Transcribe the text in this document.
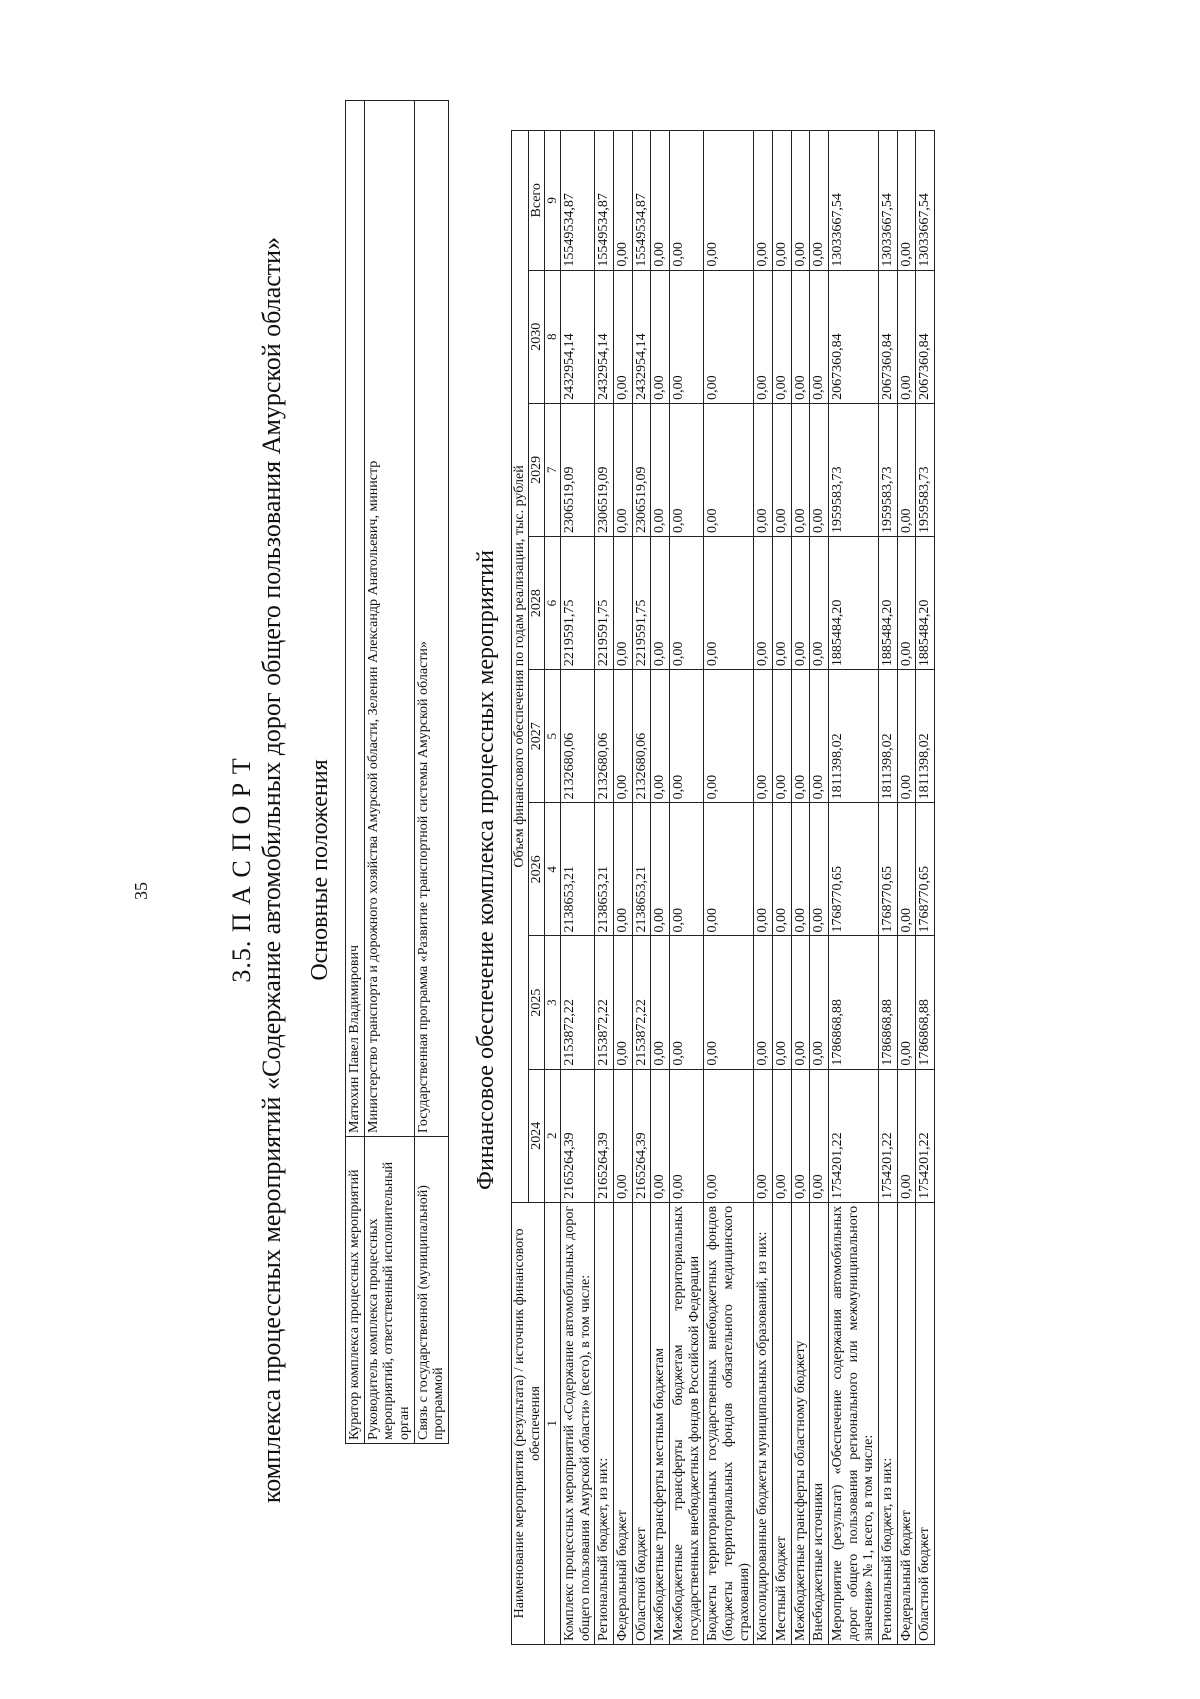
35	3.5. П А С П О Р Т комплекса процессных мероприятий «Содержание автомобильных дорог общего пользования Амурской области» Основные положения
Куратор комплекса процессных мероприятий	Матюхин Павел Владимирович
Руководитель комплекса процессных мероприятий, ответственный исполнительный орган	Министерство транспорта и дорожного хозяйства Амурской области, Зеленин Александр Анатольевич, министр
Связь с государственной (муниципальной) программой	Государственная программа «Развитие транспортной системы Амурской области» Финансовое обеспечение комплекса процессных мероприятий
Наименование мероприятия (результата) / источник финансового обеспечения	Объем финансового обеспечения по годам реализации, тыс. рублей							
	2024	2025	2026	2027	2028	2029	2030	Всего
1	2	3	4	5	6	7	8	9
Комплекс процессных мероприятий «Содержание автомобильных дорог общего пользования Амурской области» (всего), в том числе:	2165264,39	2153872,22	2138653,21	2132680,06	2219591,75	2306519,09	2432954,14	15549534,87
Региональный бюджет, из них:	2165264,39	2153872,22	2138653,21	2132680,06	2219591,75	2306519,09	2432954,14	15549534,87
Федеральный бюджет	0,00	0,00	0,00	0,00	0,00	0,00	0,00	0,00
Областной бюджет	2165264,39	2153872,22	2138653,21	2132680,06	2219591,75	2306519,09	2432954,14	15549534,87
Межбюджетные трансферты местным бюджетам	0,00	0,00	0,00	0,00	0,00	0,00	0,00	0,00
Межбюджетные трансферты бюджетам территориальных государственных внебюджетных фондов Российской Федерации	0,00	0,00	0,00	0,00	0,00	0,00	0,00	0,00
Бюджеты территориальных государственных внебюджетных фондов (бюджеты территориальных фондов обязательного медицинского страхования)	0,00	0,00	0,00	0,00	0,00	0,00	0,00	0,00
Консолидированные бюджеты муниципальных образований, из них:	0,00	0,00	0,00	0,00	0,00	0,00	0,00	0,00
Местный бюджет	0,00	0,00	0,00	0,00	0,00	0,00	0,00	0,00
Межбюджетные трансферты областному бюджету	0,00	0,00	0,00	0,00	0,00	0,00	0,00	0,00
Внебюджетные источники	0,00	0,00	0,00	0,00	0,00	0,00	0,00	0,00
Мероприятие (результат) «Обеспечение содержания автомобильных дорог общего пользования регионального или межмуниципального значения» № 1, всего, в том числе:	1754201,22	1786868,88	1768770,65	1811398,02	1885484,20	1959583,73	2067360,84	13033667,54
Региональный бюджет, из них:	1754201,22	1786868,88	1768770,65	1811398,02	1885484,20	1959583,73	2067360,84	13033667,54
Федеральный бюджет	0,00	0,00	0,00	0,00	0,00	0,00	0,00	0,00
Областной бюджет	1754201,22	1786868,88	1768770,65	1811398,02	1885484,20	1959583,73	2067360,84	13033667,54
